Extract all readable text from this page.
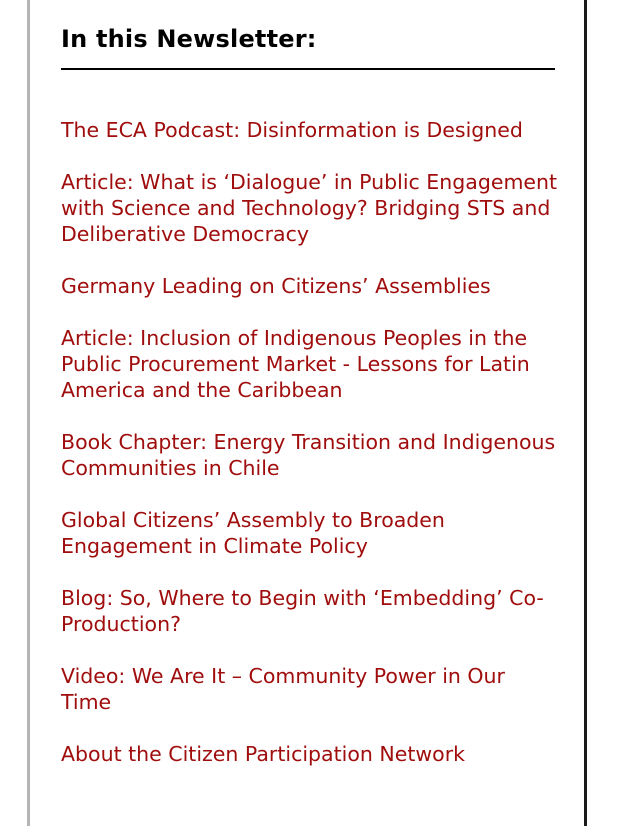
In this Newsletter:
The ECA Podcast: Disinformation is Designed
Article: What is ‘Dialogue’ in Public Engagement with Science and Technology? Bridging STS and Deliberative Democracy
Germany Leading on Citizens’ Assemblies
Article: Inclusion of Indigenous Peoples in the Public Procurement Market - Lessons for Latin America and the Caribbean
Book Chapter: Energy Transition and Indigenous Communities in Chile
Global Citizens’ Assembly to Broaden Engagement in Climate Policy
Blog: So, Where to Begin with ‘Embedding’ Co-Production?
Video: We Are It – Community Power in Our Time
About the Citizen Participation Network
